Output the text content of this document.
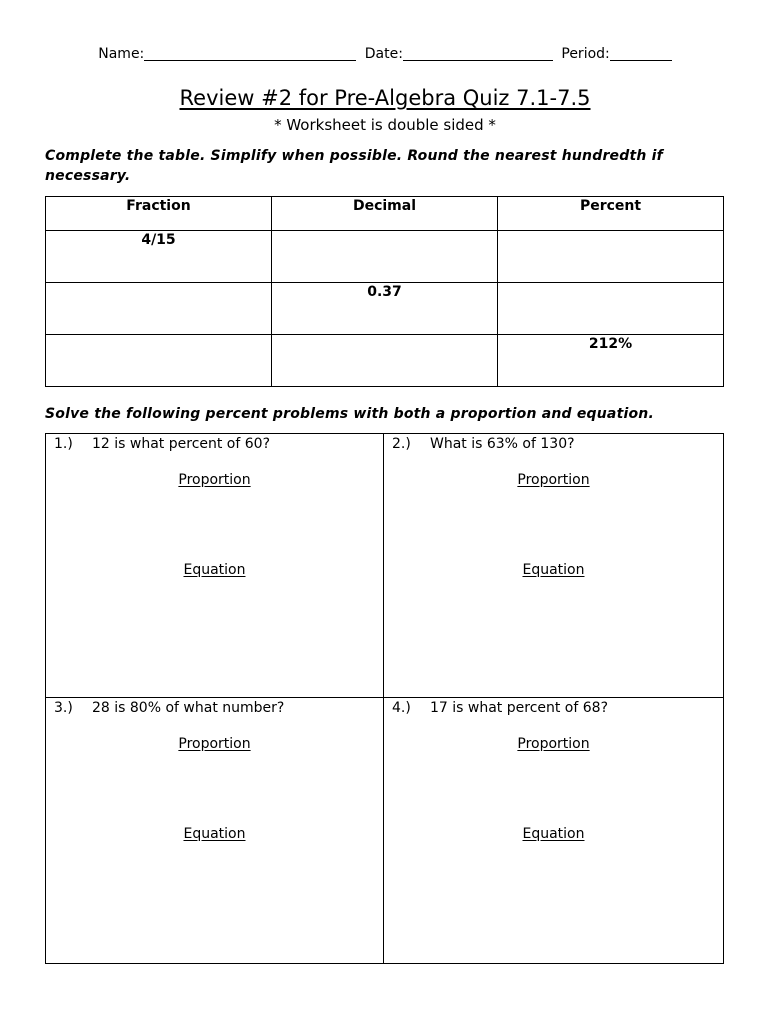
Name:	Date:	Period:
Review #2 for Pre-Algebra Quiz 7.1-7.5
* Worksheet is double sided *
Complete the table. Simplify when possible. Round the nearest hundredth if necessary.
Fraction	Decimal	Percent
4/15		
	0.37	
		212%
Solve the following percent problems with both a proportion and equation.
1.) 12 is what percent of 60?
Proportion
Equation
2.) What is 63% of 130?
Proportion
Equation
3.) 28 is 80% of what number?
Proportion
Equation
4.) 17 is what percent of 68?
Proportion
Equation
